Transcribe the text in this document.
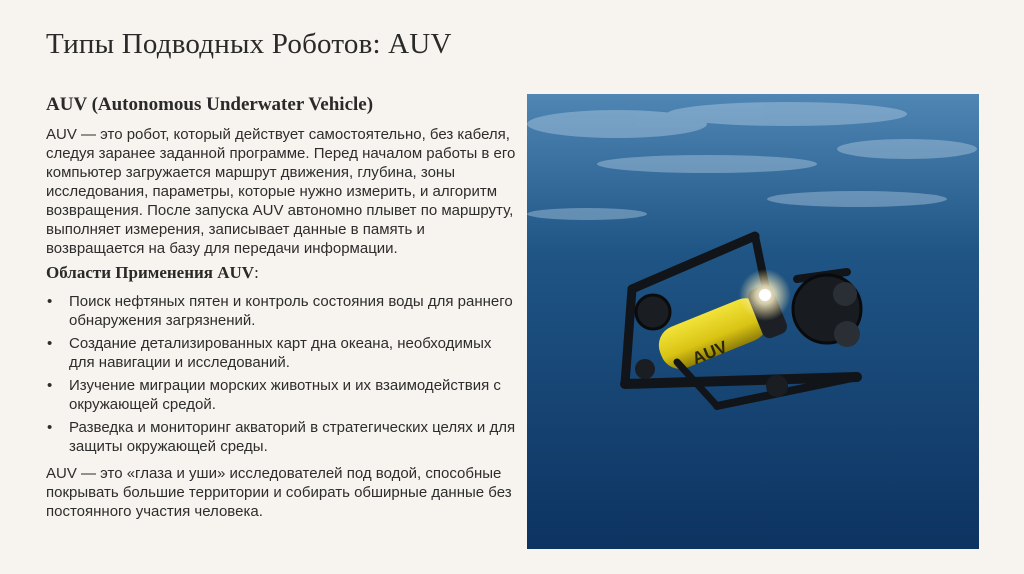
Типы Подводных Роботов: AUV
AUV (Autonomous Underwater Vehicle)

AUV — это робот, который действует самостоятельно, без кабеля, следуя заранее заданной программе. Перед началом работы в его компьютер загружается маршрут движения, глубина, зоны исследования, параметры, которые нужно измерить, и алгоритм возвращения. После запуска AUV автономно плывет по маршруту, выполняет измерения, записывает данные в память и возвращается на базу для передачи информации.

Области Применения AUV:
• Поиск нефтяных пятен и контроль состояния воды для раннего обнаружения загрязнений.
• Создание детализированных карт дна океана, необходимых для навигации и исследований.
• Изучение миграции морских животных и их взаимодействия с окружающей средой.
• Разведка и мониторинг акваторий в стратегических целях и для защиты окружающей среды.

AUV — это «глаза и уши» исследователей под водой, способные покрывать большие территории и собирать обширные данные без постоянного участия человека.

AUV
